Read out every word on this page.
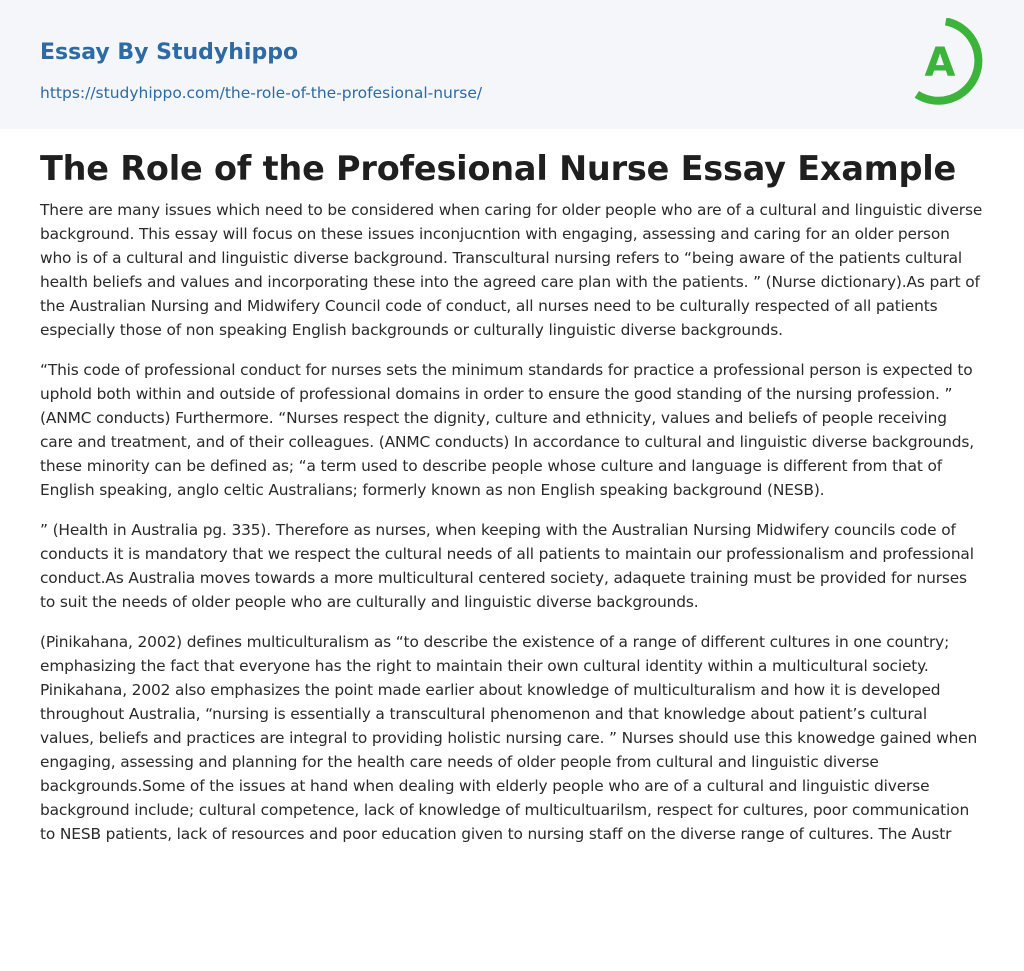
Essay By Studyhippo
https://studyhippo.com/the-role-of-the-profesional-nurse/
A
The Role of the Profesional Nurse Essay Example

There are many issues which need to be considered when caring for older people who are of a cultural and linguistic diverse background. This essay will focus on these issues inconjucntion with engaging, assessing and caring for an older person who is of a cultural and linguistic diverse background. Transcultural nursing refers to “being aware of the patients cultural health beliefs and values and incorporating these into the agreed care plan with the patients. ” (Nurse dictionary).As part of the Australian Nursing and Midwifery Council code of conduct, all nurses need to be culturally respected of all patients especially those of non speaking English backgrounds or culturally linguistic diverse backgrounds.

“This code of professional conduct for nurses sets the minimum standards for practice a professional person is expected to uphold both within and outside of professional domains in order to ensure the good standing of the nursing profession. ” (ANMC conducts) Furthermore. “Nurses respect the dignity, culture and ethnicity, values and beliefs of people receiving care and treatment, and of their colleagues. (ANMC conducts) In accordance to cultural and linguistic diverse backgrounds, these minority can be defined as; “a term used to describe people whose culture and language is different from that of English speaking, anglo celtic Australians; formerly known as non English speaking background (NESB).

” (Health in Australia pg. 335). Therefore as nurses, when keeping with the Australian Nursing Midwifery councils code of conducts it is mandatory that we respect the cultural needs of all patients to maintain our professionalism and professional conduct.As Australia moves towards a more multicultural centered society, adaquete training must be provided for nurses to suit the needs of older people who are culturally and linguistic diverse backgrounds.

(Pinikahana, 2002) defines multiculturalism as “to describe the existence of a range of different cultures in one country; emphasizing the fact that everyone has the right to maintain their own cultural identity within a multicultural society. Pinikahana, 2002 also emphasizes the point made earlier about knowledge of multiculturalism and how it is developed throughout Australia, “nursing is essentially a transcultural phenomenon and that knowledge about patient’s cultural values, beliefs and practices are integral to providing holistic nursing care. ” Nurses should use this knowedge gained when engaging, assessing and planning for the health care needs of older people from cultural and linguistic diverse backgrounds.Some of the issues at hand when dealing with elderly people who are of a cultural and linguistic diverse background include; cultural competence, lack of knowledge of multicultuarilsm, respect for cultures, poor communication to NESB patients, lack of resources and poor education given to nursing staff on the diverse range of cultures. The Austr
